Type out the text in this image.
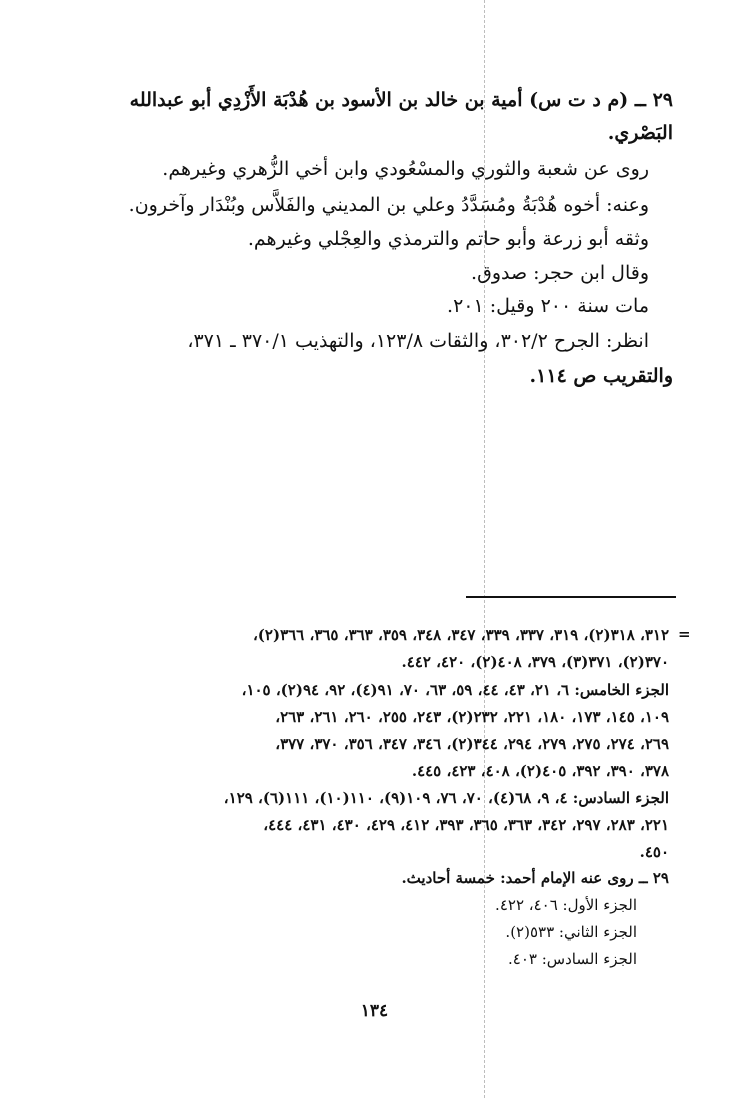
٢٩ ــ (م د ت س) أمية بن خالد بن الأسود بن هُدْبَة الأَزْدِي أبو عبدالله
البَصْري.
روى عن شعبة والثوري والمسْعُودي وابن أخي الزُّهري وغيرهم.
وعنه: أخوه هُدْبَةُ ومُسَدَّدُ وعلي بن المديني والفَلاَّس وبُنْدَار وآخرون.
وثقه أبو زرعة وأبو حاتم والترمذي والعِجْلي وغيرهم.
وقال ابن حجر: صدوق.
مات سنة ٢٠٠ وقيل: ٢٠١.
انظر: الجرح ٣٠٢/٢، والثقات ١٢٣/٨، والتهذيب ٣٧٠/١ ـ ٣٧١،
والتقريب ص ١١٤.
=
٣١٢، ٣١٨(٢)، ٣١٩، ٣٣٧، ٣٣٩، ٣٤٧، ٣٤٨، ٣٥٩، ٣٦٣، ٣٦٥، ٣٦٦(٢)،
٣٧٠(٢)، ٣٧١(٣)، ٣٧٩، ٤٠٨(٢)، ٤٢٠، ٤٤٢.
الجزء الخامس: ٦، ٢١، ٤٣، ٤٤، ٥٩، ٦٣، ٧٠، ٩١(٤)، ٩٢، ٩٤(٢)، ١٠٥،
١٠٩، ١٤٥، ١٧٣، ١٨٠، ٢٢١، ٢٣٢(٢)، ٢٤٣، ٢٥٥، ٢٦٠، ٢٦١، ٢٦٣،
٢٦٩، ٢٧٤، ٢٧٥، ٢٧٩، ٢٩٤، ٣٤٤(٢)، ٣٤٦، ٣٤٧، ٣٥٦، ٣٧٠، ٣٧٧،
٣٧٨، ٣٩٠، ٣٩٢، ٤٠٥(٢)، ٤٠٨، ٤٢٣، ٤٤٥.
الجزء السادس: ٤، ٩، ٦٨(٤)، ٧٠، ٧٦، ١٠٩(٩)، ١١٠(١٠)، ١١١(٦)، ١٢٩،
٢٢١، ٢٨٣، ٢٩٧، ٣٤٢، ٣٦٣، ٣٦٥، ٣٩٣، ٤١٢، ٤٢٩، ٤٣٠، ٤٣١، ٤٤٤،
٤٥٠.
٢٩ ــ روى عنه الإمام أحمد: خمسة أحاديث.
الجزء الأول: ٤٠٦، ٤٢٢.
الجزء الثاني: ٥٣٣(٢).
الجزء السادس: ٤٠٣.
١٣٤
